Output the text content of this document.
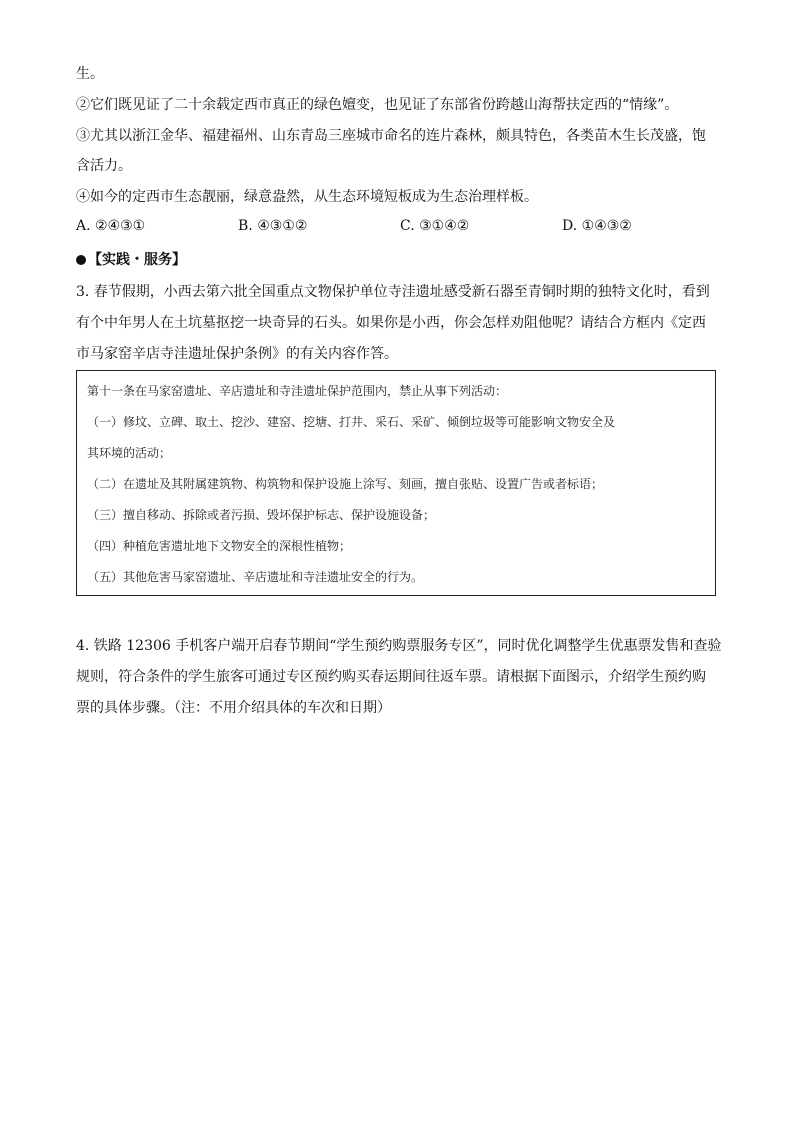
生。
②它们既见证了二十余载定西市真正的绿色嬗变，也见证了东部省份跨越山海帮扶定西的“情缘”。
③尤其以浙江金华、福建福州、山东青岛三座城市命名的连片森林，颇具特色，各类苗木生长茂盛，饱
含活力。
④如今的定西市生态靓丽，绿意盎然，从生态环境短板成为生态治理样板。
A. ②④③①	B. ④③①②	C. ③①④②	D. ①④③②
【实践・服务】
3. 春节假期，小西去第六批全国重点文物保护单位寺洼遗址感受新石器至青铜时期的独特文化时，看到
有个中年男人在土坑墓抠挖一块奇异的石头。如果你是小西，你会怎样劝阻他呢？请结合方框内《定西
市马家窑辛店寺洼遗址保护条例》的有关内容作答。
第十一条在马家窑遗址、辛店遗址和寺洼遗址保护范围内，禁止从事下列活动：
（一）修坟、立碑、取土、挖沙、建窑、挖塘、打井、采石、采矿、倾倒垃圾等可能影响文物安全及
其环境的活动；
（二）在遗址及其附属建筑物、构筑物和保护设施上涂写、刻画，擅自张贴、设置广告或者标语；
（三）擅自移动、拆除或者污损、毁坏保护标志、保护设施设备；
（四）种植危害遗址地下文物安全的深根性植物；
（五）其他危害马家窑遗址、辛店遗址和寺洼遗址安全的行为。
4. 铁路 12306 手机客户端开启春节期间“学生预约购票服务专区”，同时优化调整学生优惠票发售和查验
规则，符合条件的学生旅客可通过专区预约购买春运期间往返车票。请根据下面图示，介绍学生预约购
票的具体步骤。（注：不用介绍具体的车次和日期）
